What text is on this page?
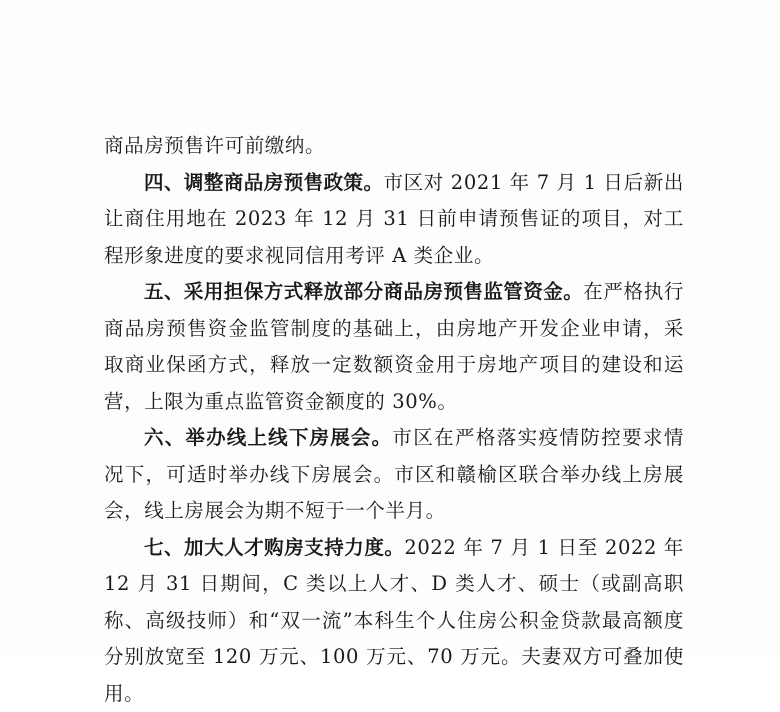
商品房预售许可前缴纳。

四、调整商品房预售政策。市区对 2021 年 7 月 1 日后新出让商住用地在 2023 年 12 月 31 日前申请预售证的项目，对工程形象进度的要求视同信用考评 A 类企业。

五、采用担保方式释放部分商品房预售监管资金。在严格执行商品房预售资金监管制度的基础上，由房地产开发企业申请，采取商业保函方式，释放一定数额资金用于房地产项目的建设和运营，上限为重点监管资金额度的 30%。

六、举办线上线下房展会。市区在严格落实疫情防控要求情况下，可适时举办线下房展会。市区和赣榆区联合举办线上房展会，线上房展会为期不短于一个半月。

七、加大人才购房支持力度。2022 年 7 月 1 日至 2022 年 12 月 31 日期间，C 类以上人才、D 类人才、硕士（或副高职称、高级技师）和“双一流”本科生个人住房公积金贷款最高额度分别放宽至 120 万元、100 万元、70 万元。夫妻双方可叠加使用。
